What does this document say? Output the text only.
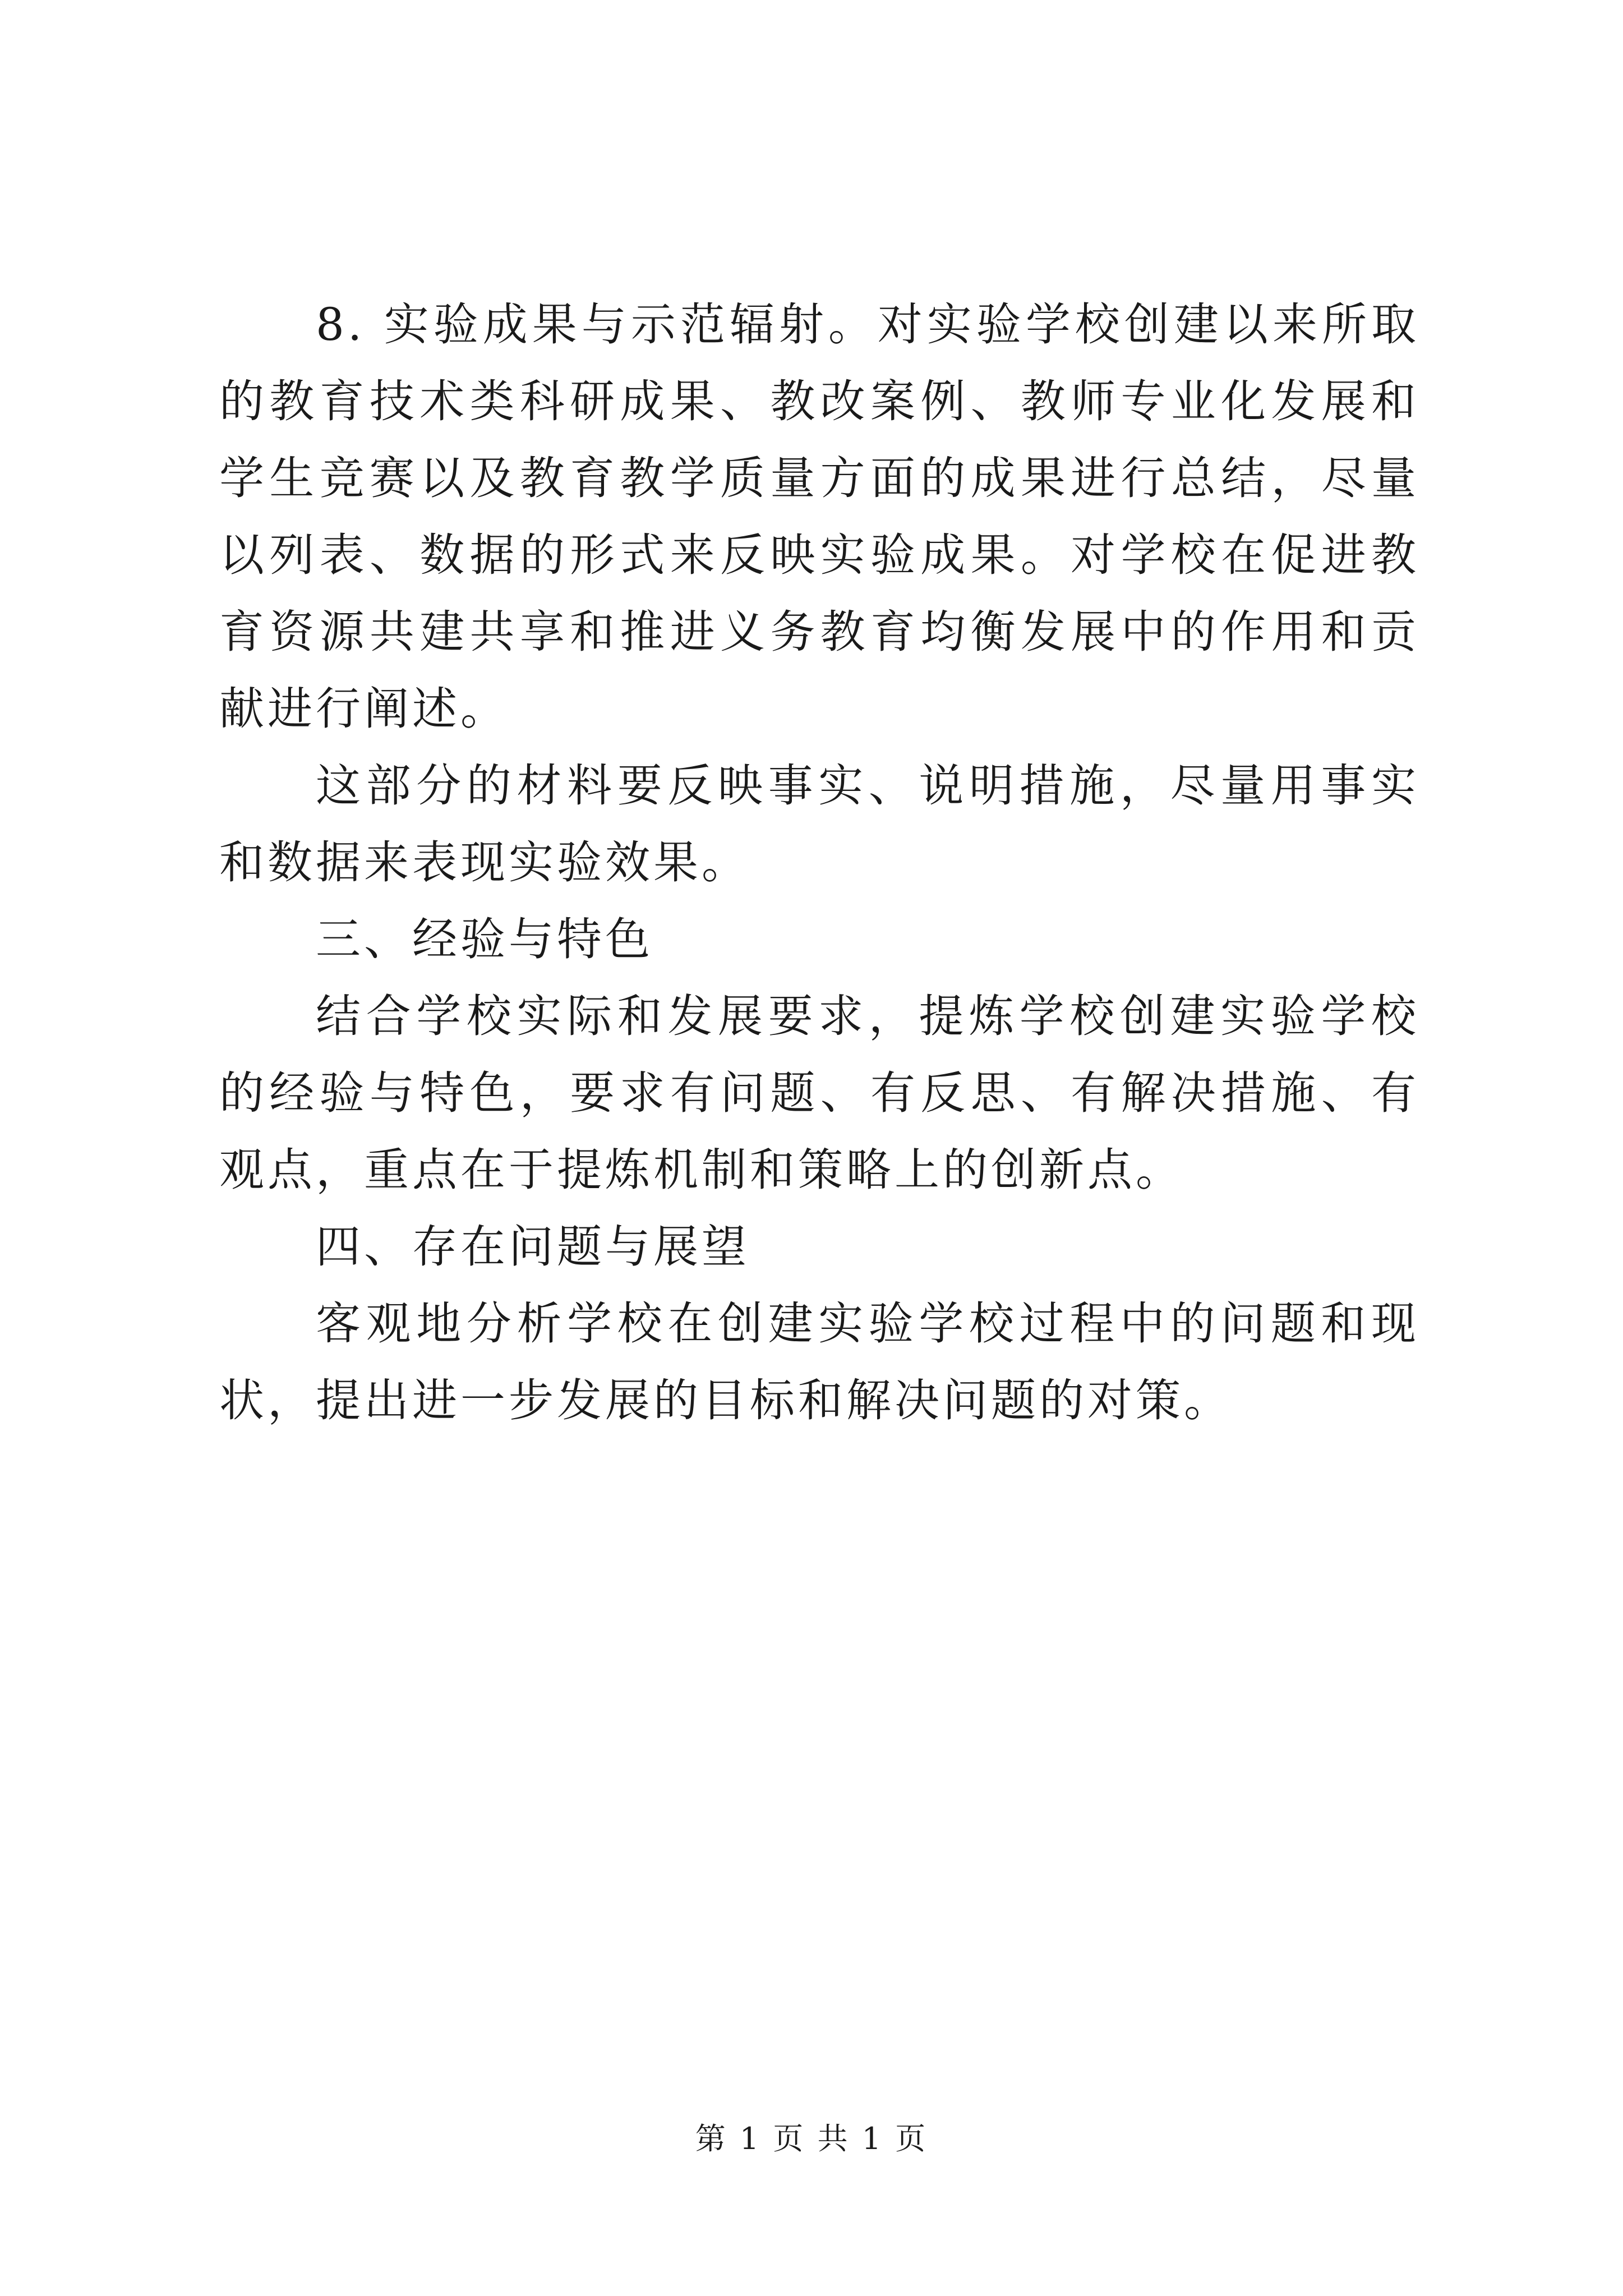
8. 实验成果与示范辐射。对实验学校创建以来所取的教育技术类科研成果、教改案例、教师专业化发展和学生竞赛以及教育教学质量方面的成果进行总结，尽量以列表、数据的形式来反映实验成果。对学校在促进教育资源共建共享和推进义务教育均衡发展中的作用和贡献进行阐述。

这部分的材料要反映事实、说明措施，尽量用事实和数据来表现实验效果。

三、经验与特色

结合学校实际和发展要求，提炼学校创建实验学校的经验与特色，要求有问题、有反思、有解决措施、有观点，重点在于提炼机制和策略上的创新点。

四、存在问题与展望

客观地分析学校在创建实验学校过程中的问题和现状，提出进一步发展的目标和解决问题的对策。

第 1 页 共 1 页
